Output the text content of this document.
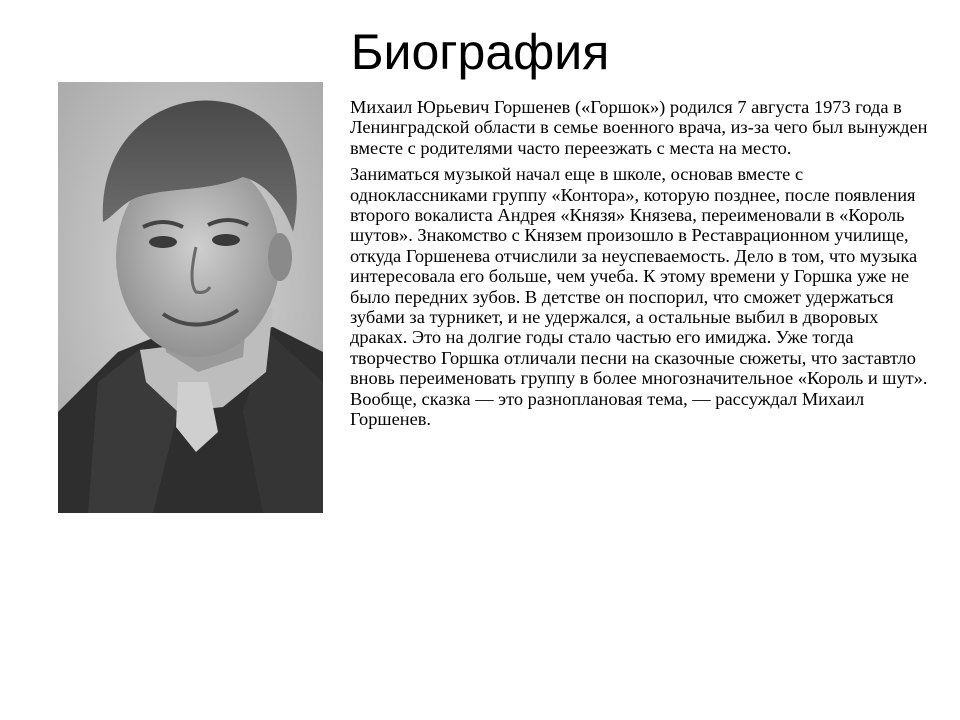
Биография

Михаил Юрьевич Горшенев («Горшок») родился 7 августа 1973 года в Ленинградской области в семье военного врача, из-за чего был вынужден вместе с родителями часто переезжать с места на место.

Заниматься музыкой начал еще в школе, основав вместе с одноклассниками группу «Контора», которую позднее, после появления второго вокалиста Андрея «Князя» Князева, переименовали в «Король шутов». Знакомство с Князем произошло в Реставрационном училище, откуда Горшенева отчислили за неуспеваемость. Дело в том, что музыка интересовала его больше, чем учеба. К этому времени у Горшка уже не было передних зубов. В детстве он поспорил, что сможет удержаться зубами за турникет, и не удержался, а остальные выбил в дворовых драках. Это на долгие годы стало частью его имиджа. Уже тогда творчество Горшка отличали песни на сказочные сюжеты, что заставтло вновь переименовать группу в более многозначительное «Король и шут». Вообще, сказка — это разноплановая тема, — рассуждал Михаил Горшенев.
